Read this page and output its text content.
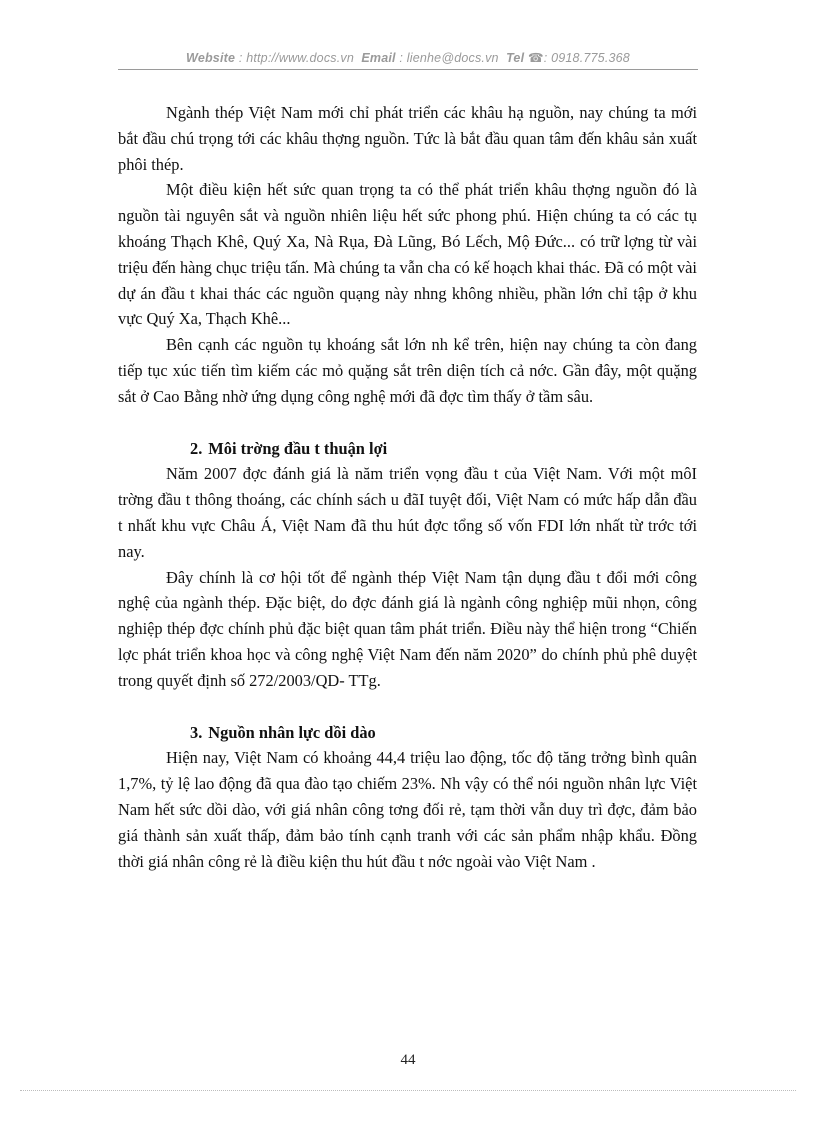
Website : http://www.docs.vn Email : lienhe@docs.vn Tel ☎: 0918.775.368

Ngành thép Việt Nam mới chỉ phát triển các khâu hạ nguồn, nay chúng ta mới bắt đầu chú trọng tới các khâu thợng nguồn. Tức là bắt đầu quan tâm đến khâu sản xuất phôi thép.

Một điều kiện hết sức quan trọng ta có thể phát triển khâu thợng nguồn đó là nguồn tài nguyên sắt và nguồn nhiên liệu hết sức phong phú. Hiện chúng ta có các tụ khoáng Thạch Khê, Quý Xa, Nà Rụa, Đà Lũng, Bó Lếch, Mộ Đức... có trữ lợng từ vài triệu đến hàng chục triệu tấn. Mà chúng ta vẫn cha có kế hoạch khai thác. Đã có một vài dự án đầu t khai thác các nguồn quạng này nhng không nhiều, phần lớn chỉ tập ở khu vực Quý Xa, Thạch Khê...

Bên cạnh các nguồn tụ khoáng sắt lớn nh kể trên, hiện nay chúng ta còn đang tiếp tục xúc tiến tìm kiếm các mỏ quặng sắt trên diện tích cả nớc. Gần đây, một quặng sắt ở Cao Bằng nhờ ứng dụng công nghệ mới đã đợc tìm thấy ở tầm sâu.

2. Môi trờng đầu t thuận lợi

Năm 2007 đợc đánh giá là năm triển vọng đầu t của Việt Nam. Với một môI trờng đầu t thông thoáng, các chính sách u đãI tuyệt đối, Việt Nam có mức hấp dẫn đầu t nhất khu vực Châu Á, Việt Nam đã thu hút đợc tổng số vốn FDI lớn nhất từ trớc tới nay.

Đây chính là cơ hội tốt để ngành thép Việt Nam tận dụng đầu t đổi mới công nghệ của ngành thép. Đặc biệt, do đợc đánh giá là ngành công nghiệp mũi nhọn, công nghiệp thép đợc chính phủ đặc biệt quan tâm phát triển. Điều này thể hiện trong “Chiến lợc phát triển khoa học và công nghệ Việt Nam đến năm 2020” do chính phủ phê duyệt trong quyết định số 272/2003/QD- TTg.

3. Nguồn nhân lực dồi dào

Hiện nay, Việt Nam có khoảng 44,4 triệu lao động, tốc độ tăng trởng bình quân 1,7%, tỷ lệ lao động đã qua đào tạo chiếm 23%. Nh vậy có thể nói nguồn nhân lực Việt Nam hết sức dồi dào, với giá nhân công tơng đối rẻ, tạm thời vẫn duy trì đợc, đảm bảo giá thành sản xuất thấp, đảm bảo tính cạnh tranh với các sản phẩm nhập khẩu. Đồng thời giá nhân công rẻ là điều kiện thu hút đầu t nớc ngoài vào Việt Nam .

44
